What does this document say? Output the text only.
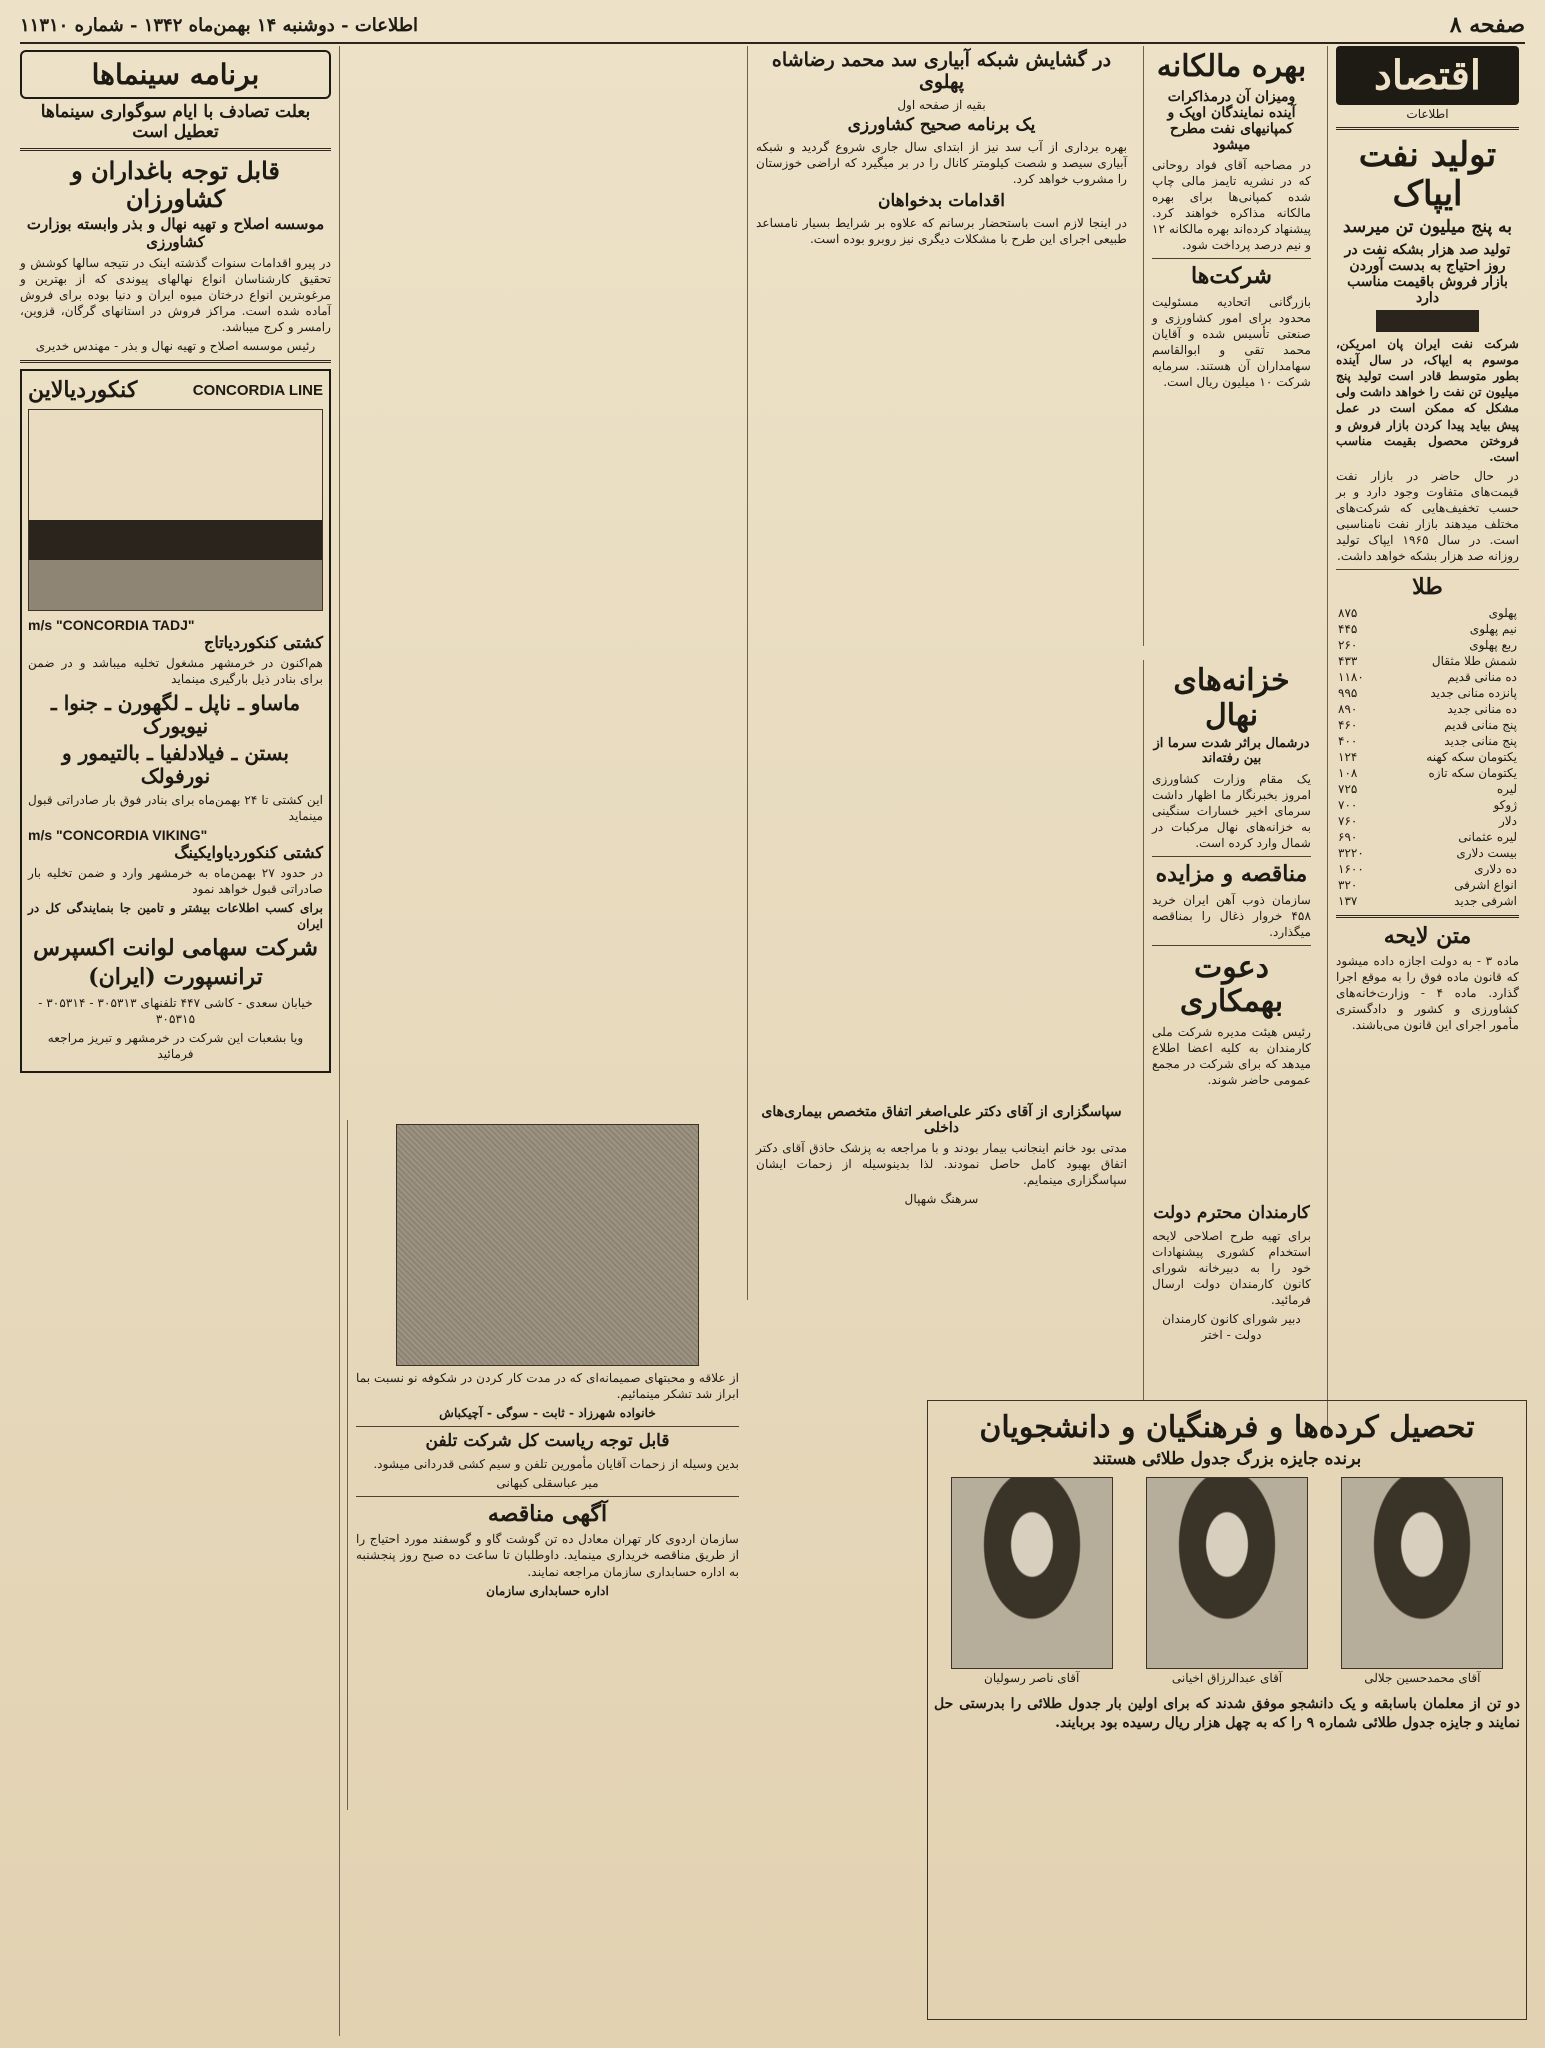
صفحه ۸
اطلاعات - دوشنبه ۱۴ بهمن‌ماه ۱۳۴۲ - شماره ۱۱۳۱۰
اقتصاد
اطلاعات
تولید نفت ایپاک
به پنج میلیون تن میرسد
تولید صد هزار بشکه نفت در روز احتیاج به بدست آوردن بازار فروش باقیمت مناسب دارد

شرکت نفت ایران پان امریکن، موسوم به ایپاک، در سال آینده بطور متوسط قادر است تولید پنج میلیون تن نفت را خواهد داشت ولی مشکل که ممکن است در عمل پیش بیاید پیدا کردن بازار فروش و فروختن محصول بقیمت مناسب است.

در حال حاضر در بازار نفت قیمت‌های متفاوت وجود دارد و بر حسب تخفیف‌هایی که شرکت‌های مختلف میدهند بازار نفت نامناسبی است. در سال ۱۹۶۵ ایپاک تولید روزانه صد هزار بشکه خواهد داشت.

طلا
پهلوی	۸۷۵
نیم پهلوی	۴۴۵
ربع پهلوی	۲۶۰
شمش طلا مثقال	۴۳۳
ده منانی قدیم	۱۱۸۰
پانزده منانی جدید	۹۹۵
ده منانی جدید	۸۹۰
پنج منانی قدیم	۴۶۰
پنج منانی جدید	۴۰۰
یکتومان سکه کهنه	۱۲۴
یکتومان سکه تازه	۱۰۸
لیره	۷۲۵
ژوکو	۷۰۰
دلار	۷۶۰
لیره عثمانی	۶۹۰
بیست دلاری	۳۲۲۰
ده دلاری	۱۶۰۰
انواع اشرفی	۳۲۰
اشرفی جدید	۱۳۷
متن لایحه

ماده ۳ - به دولت اجازه داده میشود که قانون ماده فوق را به موقع اجرا گذارد. ماده ۴ - وزارت‌خانه‌های کشاورزی و کشور و دادگستری مأمور اجرای این قانون می‌باشند.

بهره مالکانه
ومیزان آن درمذاکرات آینده نمایندگان اوپک و کمپانیهای نفت مطرح میشود

در مصاحبه آقای فواد روحانی که در نشریه تایمز مالی چاپ شده کمپانی‌ها برای بهره مالکانه مذاکره خواهند کرد. پیشنهاد کرده‌اند بهره مالکانه ۱۲ و نیم درصد پرداخت شود.

شرکت‌ها

بازرگانی اتحادیه مسئولیت محدود برای امور کشاورزی و صنعتی تأسیس شده و آقایان محمد تقی و ابوالقاسم سهامداران آن هستند. سرمایه شرکت ۱۰ میلیون ریال است.

در گشایش شبکه آبیاری سد محمد رضاشاه پهلوی
بقیه از صفحه اول
یک برنامه صحیح کشاورزی

بهره برداری از آب سد نیز از ابتدای سال جاری شروع گردید و شبکه آبیاری سیصد و شصت کیلومتر کانال را در بر میگیرد که اراضی خوزستان را مشروب خواهد کرد.

اقدامات بدخواهان

در اینجا لازم است باستحضار برسانم که علاوه بر شرایط بسیار نامساعد طبیعی اجرای این طرح با مشکلات دیگری نیز روبرو بوده است.

خزانه‌های نهال
درشمال براثر شدت سرما از بین رفته‌اند

یک مقام وزارت کشاورزی امروز بخبرنگار ما اظهار داشت سرمای اخیر خسارات سنگینی به خزانه‌های نهال مرکبات در شمال وارد کرده است.

مناقصه و مزایده

سازمان ذوب آهن ایران خرید ۴۵۸ خروار ذغال را بمناقصه میگذارد.

دعوت بهمکاری

رئیس هیئت مدیره شرکت ملی کارمندان به کلیه اعضا اطلاع میدهد که برای شرکت در مجمع عمومی حاضر شوند.

کارمندان محترم دولت

برای تهیه طرح اصلاحی لایحه استخدام کشوری پیشنهادات خود را به دبیرخانه شورای کانون کارمندان دولت ارسال فرمائید.

دبیر شورای کانون کارمندان دولت - اختر

سپاسگزاری از آقای دکتر علی‌اصغر اتفاق متخصص بیماری‌های داخلی

مدتی بود خانم اینجانب بیمار بودند و با مراجعه به پزشک حاذق آقای دکتر اتفاق بهبود کامل حاصل نمودند. لذا بدینوسیله از زحمات ایشان سپاسگزاری مینمایم.

سرهنگ شهپال

از علاقه و محبتهای صمیمانه‌ای که در مدت کار کردن در شکوفه نو نسبت بما ابراز شد تشکر مینمائیم.

خانواده شهرزاد - ثابت - سوگی - آچیکباش

قابل توجه ریاست کل شرکت تلفن

بدین وسیله از زحمات آقایان مأمورین تلفن و سیم کشی قدردانی میشود.

میر عباسقلی کبهانی

آگهی مناقصه

سازمان اردوی کار تهران معادل ده تن گوشت گاو و گوسفند مورد احتیاج را از طریق مناقصه خریداری مینماید. داوطلبان تا ساعت ده صبح روز پنجشنبه به اداره حسابداری سازمان مراجعه نمایند.

اداره حسابداری سازمان

تحصیل کرده‌ها و فرهنگیان و دانشجویان
برنده جایزه بزرگ جدول طلائی هستند
آقای محمدحسین جلالی
آقای عبدالرزاق اخیانی
آقای ناصر رسولیان

دو تن از معلمان باسابقه و یک دانشجو موفق شدند که برای اولین بار جدول طلائی را بدرستی حل نمایند و جایزه جدول طلائی شماره ۹ را که به چهل هزار ریال رسیده بود بربایند.

برنامه سینماها
بعلت تصادف با ایام سوگواری سینماها تعطیل است
قابل توجه باغداران و کشاورزان
موسسه اصلاح و تهیه نهال و بذر وابسته بوزارت کشاورزی

در پیرو اقدامات سنوات گذشته اینک در نتیجه سالها کوشش و تحقیق کارشناسان انواع نهالهای پیوندی که از بهترین و مرغوبترین انواع درختان میوه ایران و دنیا بوده برای فروش آماده شده است. مراکز فروش در استانهای گرگان، قزوین، رامسر و کرج میباشد.

رئیس موسسه اصلاح و تهیه نهال و بذر - مهندس خدیری

CONCORDIA LINE
کنکوردیالاین
m/s "CONCORDIA TADJ"
کشتی کنکوردیاتاج

هم‌اکنون در خرمشهر مشغول تخلیه میباشد و در ضمن برای بنادر ذیل بارگیری مینماید

ماساو ـ ناپل ـ لگهورن ـ جنوا ـ نیویورک
بستن ـ فیلادلفیا ـ بالتیمور و نورفولک

این کشتی تا ۲۴ بهمن‌ماه برای بنادر فوق بار صادراتی قبول مینماید

m/s "CONCORDIA VIKING"
کشتی کنکوردیاوایکینگ

در حدود ۲۷ بهمن‌ماه به خرمشهر وارد و ضمن تخلیه بار صادراتی قبول خواهد نمود

برای کسب اطلاعات بیشتر و تامین جا بنمایندگی کل در ایران

شرکت سهامی لوانت اکسپرس
ترانسپورت (ایران)

خیابان سعدی - کاشی ۴۴۷ تلفنهای ۳۰۵۳۱۳ - ۳۰۵۳۱۴ - ۳۰۵۳۱۵

ویا بشعبات این شرکت در خرمشهر و تبریز مراجعه فرمائید
